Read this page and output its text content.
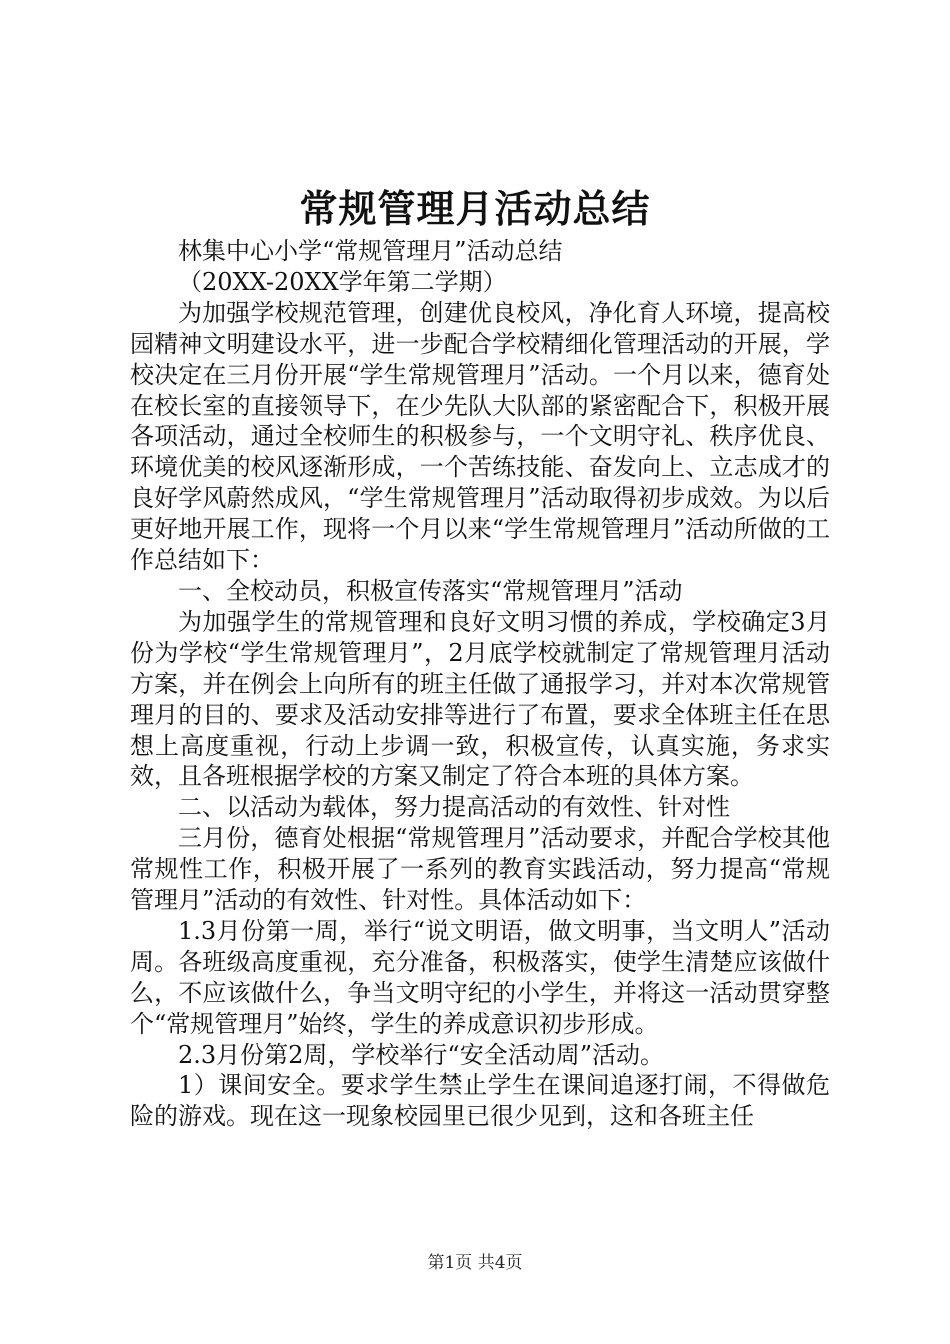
常规管理月活动总结

林集中心小学“常规管理月”活动总结

（20XX-20XX学年第二学期）

为加强学校规范管理，创建优良校风，净化育人环境，提高校园精神文明建设水平，进一步配合学校精细化管理活动的开展，学校决定在三月份开展“学生常规管理月”活动。一个月以来，德育处在校长室的直接领导下，在少先队大队部的紧密配合下，积极开展各项活动，通过全校师生的积极参与，一个文明守礼、秩序优良、环境优美的校风逐渐形成，一个苦练技能、奋发向上、立志成才的良好学风蔚然成风，“学生常规管理月”活动取得初步成效。为以后更好地开展工作，现将一个月以来“学生常规管理月”活动所做的工作总结如下：

一、全校动员，积极宣传落实“常规管理月”活动

为加强学生的常规管理和良好文明习惯的养成，学校确定3月份为学校“学生常规管理月”，2月底学校就制定了常规管理月活动方案，并在例会上向所有的班主任做了通报学习，并对本次常规管理月的目的、要求及活动安排等进行了布置，要求全体班主任在思想上高度重视，行动上步调一致，积极宣传，认真实施，务求实效，且各班根据学校的方案又制定了符合本班的具体方案。

二、以活动为载体，努力提高活动的有效性、针对性

三月份，德育处根据“常规管理月”活动要求，并配合学校其他常规性工作，积极开展了一系列的教育实践活动，努力提高“常规管理月”活动的有效性、针对性。具体活动如下：

1.3月份第一周，举行“说文明语，做文明事，当文明人”活动周。各班级高度重视，充分准备，积极落实，使学生清楚应该做什么，不应该做什么，争当文明守纪的小学生，并将这一活动贯穿整个“常规管理月”始终，学生的养成意识初步形成。

2.3月份第2周，学校举行“安全活动周”活动。

1）课间安全。要求学生禁止学生在课间追逐打闹，不得做危险的游戏。现在这一现象校园里已很少见到，这和各班主任

第1页 共4页
